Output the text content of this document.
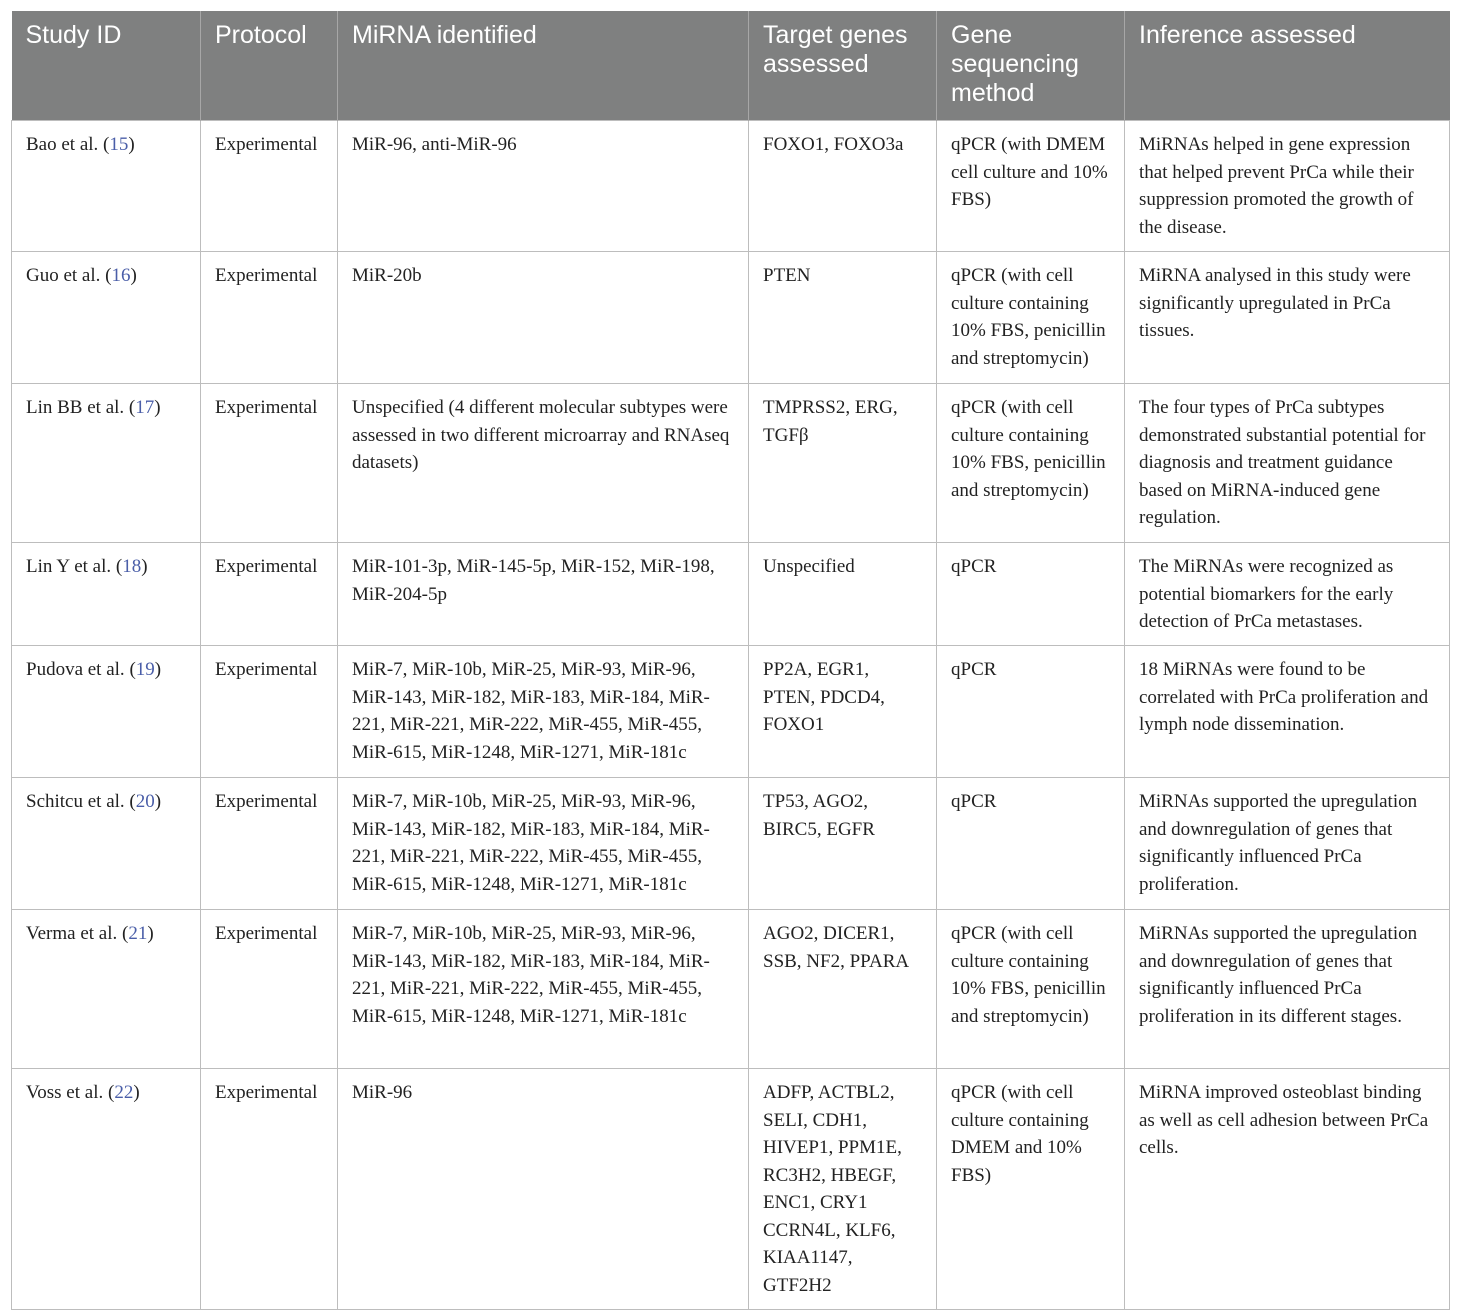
Study ID	Protocol	MiRNA identified	Target genes assessed	Gene sequencing method	Inference assessed
Bao et al. (15)	Experimental	MiR-96, anti-MiR-96	FOXO1, FOXO3a	qPCR (with DMEM cell culture and 10% FBS)	MiRNAs helped in gene expression that helped prevent PrCa while their suppression promoted the growth of the disease.
Guo et al. (16)	Experimental	MiR-20b	PTEN	qPCR (with cell culture containing 10% FBS, penicillin and streptomycin)	MiRNA analysed in this study were significantly upregulated in PrCa tissues.
Lin BB et al. (17)	Experimental	Unspecified (4 different molecular subtypes were assessed in two different microarray and RNAseq datasets)	TMPRSS2, ERG, TGFβ	qPCR (with cell culture containing 10% FBS, penicillin and streptomycin)	The four types of PrCa subtypes demonstrated substantial potential for diagnosis and treatment guidance based on MiRNA-induced gene regulation.
Lin Y et al. (18)	Experimental	MiR-101-3p, MiR-145-5p, MiR-152, MiR-198, MiR-204-5p	Unspecified	qPCR	The MiRNAs were recognized as potential biomarkers for the early detection of PrCa metastases.
Pudova et al. (19)	Experimental	MiR-7, MiR-10b, MiR-25, MiR-93, MiR-96, MiR-143, MiR-182, MiR-183, MiR-184, MiR-221, MiR-221, MiR-222, MiR-455, MiR-455, MiR-615, MiR-1248, MiR-1271, MiR-181c	PP2A, EGR1, PTEN, PDCD4, FOXO1	qPCR	18 MiRNAs were found to be correlated with PrCa proliferation and lymph node dissemination.
Schitcu et al. (20)	Experimental	MiR-7, MiR-10b, MiR-25, MiR-93, MiR-96, MiR-143, MiR-182, MiR-183, MiR-184, MiR-221, MiR-221, MiR-222, MiR-455, MiR-455, MiR-615, MiR-1248, MiR-1271, MiR-181c	TP53, AGO2, BIRC5, EGFR	qPCR	MiRNAs supported the upregulation and downregulation of genes that significantly influenced PrCa proliferation.
Verma et al. (21)	Experimental	MiR-7, MiR-10b, MiR-25, MiR-93, MiR-96, MiR-143, MiR-182, MiR-183, MiR-184, MiR-221, MiR-221, MiR-222, MiR-455, MiR-455, MiR-615, MiR-1248, MiR-1271, MiR-181c	AGO2, DICER1, SSB, NF2, PPARA	qPCR (with cell culture containing 10% FBS, penicillin and streptomycin)	MiRNAs supported the upregulation and downregulation of genes that significantly influenced PrCa proliferation in its different stages.
Voss et al. (22)	Experimental	MiR-96	ADFP, ACTBL2, SELI, CDH1, HIVEP1, PPM1E, RC3H2, HBEGF, ENC1, CRY1 CCRN4L, KLF6, KIAA1147, GTF2H2	qPCR (with cell culture containing DMEM and 10% FBS)	MiRNA improved osteoblast binding as well as cell adhesion between PrCa cells.
